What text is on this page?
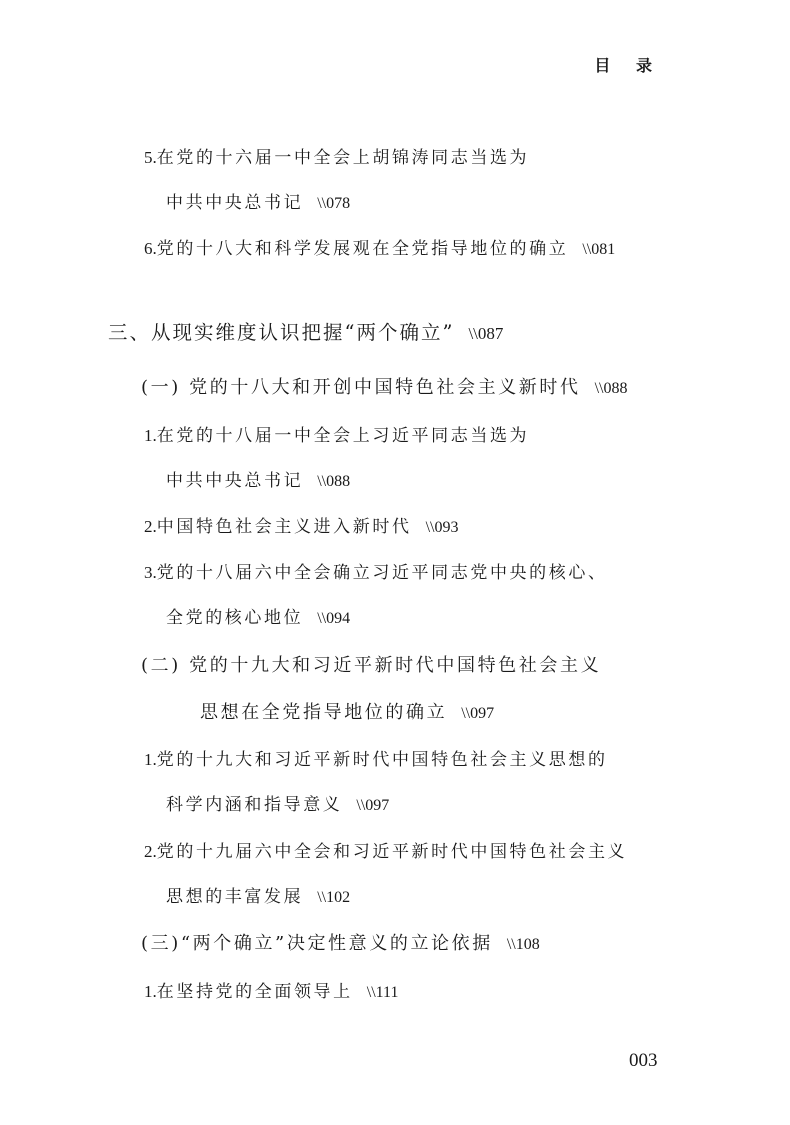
目 录
5.在党的十六届一中全会上胡锦涛同志当选为
中共中央总书记 \\078
6.党的十八大和科学发展观在全党指导地位的确立 \\081
三、从现实维度认识把握“两个确立” \\087
(一) 党的十八大和开创中国特色社会主义新时代 \\088
1.在党的十八届一中全会上习近平同志当选为
中共中央总书记 \\088
2.中国特色社会主义进入新时代 \\093
3.党的十八届六中全会确立习近平同志党中央的核心、
全党的核心地位 \\094
(二) 党的十九大和习近平新时代中国特色社会主义
思想在全党指导地位的确立 \\097
1.党的十九大和习近平新时代中国特色社会主义思想的
科学内涵和指导意义 \\097
2.党的十九届六中全会和习近平新时代中国特色社会主义
思想的丰富发展 \\102
(三)“两个确立”决定性意义的立论依据 \\108
1.在坚持党的全面领导上 \\111
003
